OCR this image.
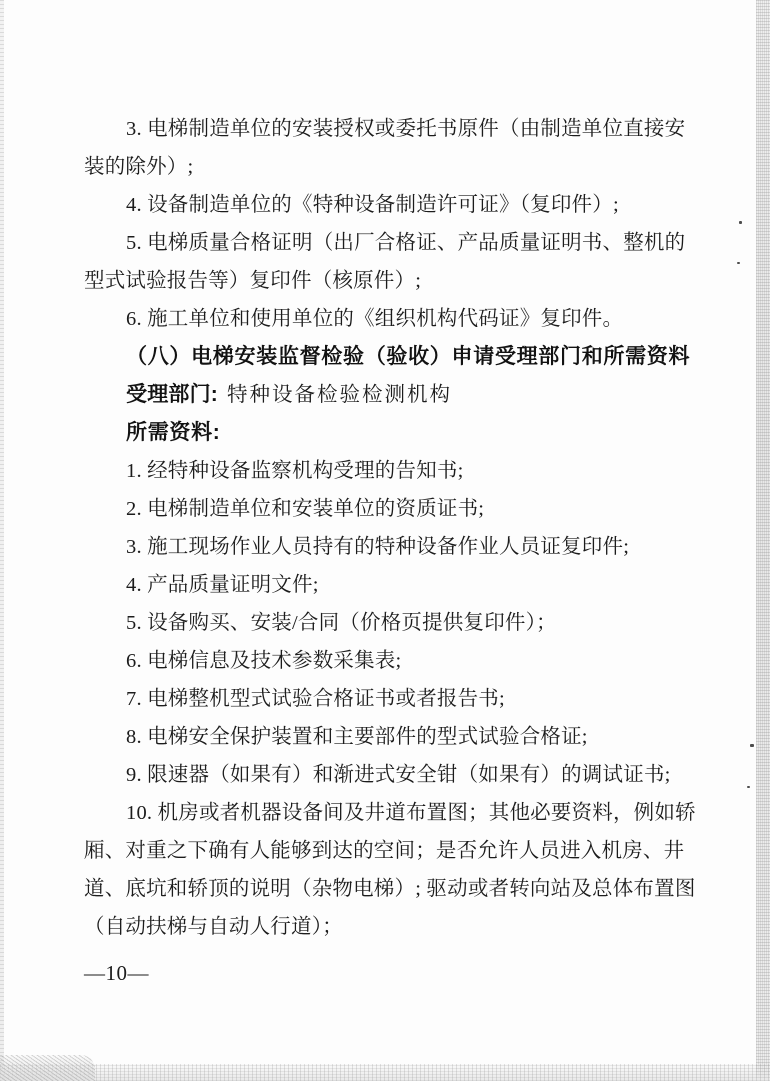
3. 电梯制造单位的安装授权或委托书原件（由制造单位直接安
装的除外）;
4. 设备制造单位的《特种设备制造许可证》（复印件）;
5. 电梯质量合格证明（出厂合格证、产品质量证明书、整机的
型式试验报告等）复印件（核原件）;
6. 施工单位和使用单位的《组织机构代码证》复印件。
（八）电梯安装监督检验（验收）申请受理部门和所需资料
受理部门: 特种设备检验检测机构
所需资料:
1. 经特种设备监察机构受理的告知书;
2. 电梯制造单位和安装单位的资质证书;
3. 施工现场作业人员持有的特种设备作业人员证复印件;
4. 产品质量证明文件;
5. 设备购买、安装/合同（价格页提供复印件）；
6. 电梯信息及技术参数采集表;
7. 电梯整机型式试验合格证书或者报告书;
8. 电梯安全保护装置和主要部件的型式试验合格证;
9. 限速器（如果有）和渐进式安全钳（如果有）的调试证书;
10. 机房或者机器设备间及井道布置图；其他必要资料，例如轿
厢、对重之下确有人能够到达的空间；是否允许人员进入机房、井
道、底坑和轿顶的说明（杂物电梯）; 驱动或者转向站及总体布置图
（自动扶梯与自动人行道）；
—10—
